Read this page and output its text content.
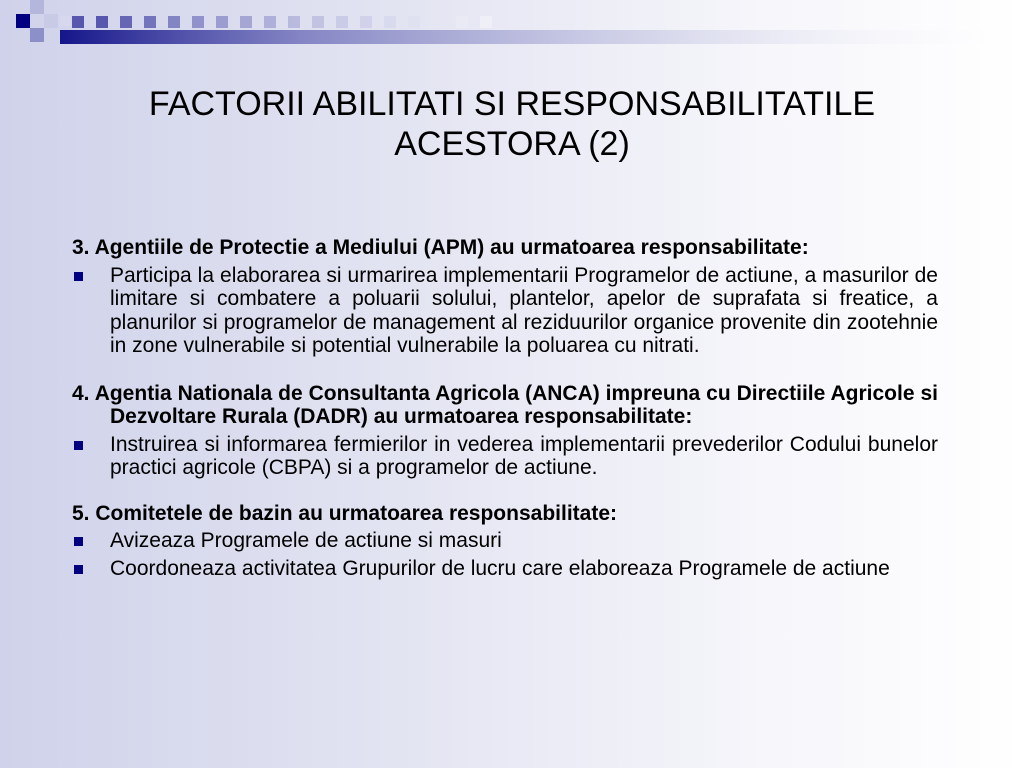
FACTORII ABILITATI SI RESPONSABILITATILE ACESTORA (2)

3. Agentiile de Protectie a Mediului (APM) au urmatoarea responsabilitate:

Participa la elaborarea si urmarirea implementarii Programelor de actiune, a masurilor de limitare si combatere a poluarii solului, plantelor, apelor de suprafata si freatice, a planurilor si programelor de management al reziduurilor organice provenite din zootehnie in zone vulnerabile si potential vulnerabile la poluarea cu nitrati.

4. Agentia Nationala de Consultanta Agricola (ANCA) impreuna cu Directiile Agricole si Dezvoltare Rurala (DADR) au urmatoarea responsabilitate:

Instruirea si informarea fermierilor in vederea implementarii prevederilor Codului bunelor practici agricole (CBPA) si a programelor de actiune.

5. Comitetele de bazin au urmatoarea responsabilitate:

Avizeaza Programele de actiune si masuri
Coordoneaza activitatea Grupurilor de lucru care elaboreaza Programele de actiune
